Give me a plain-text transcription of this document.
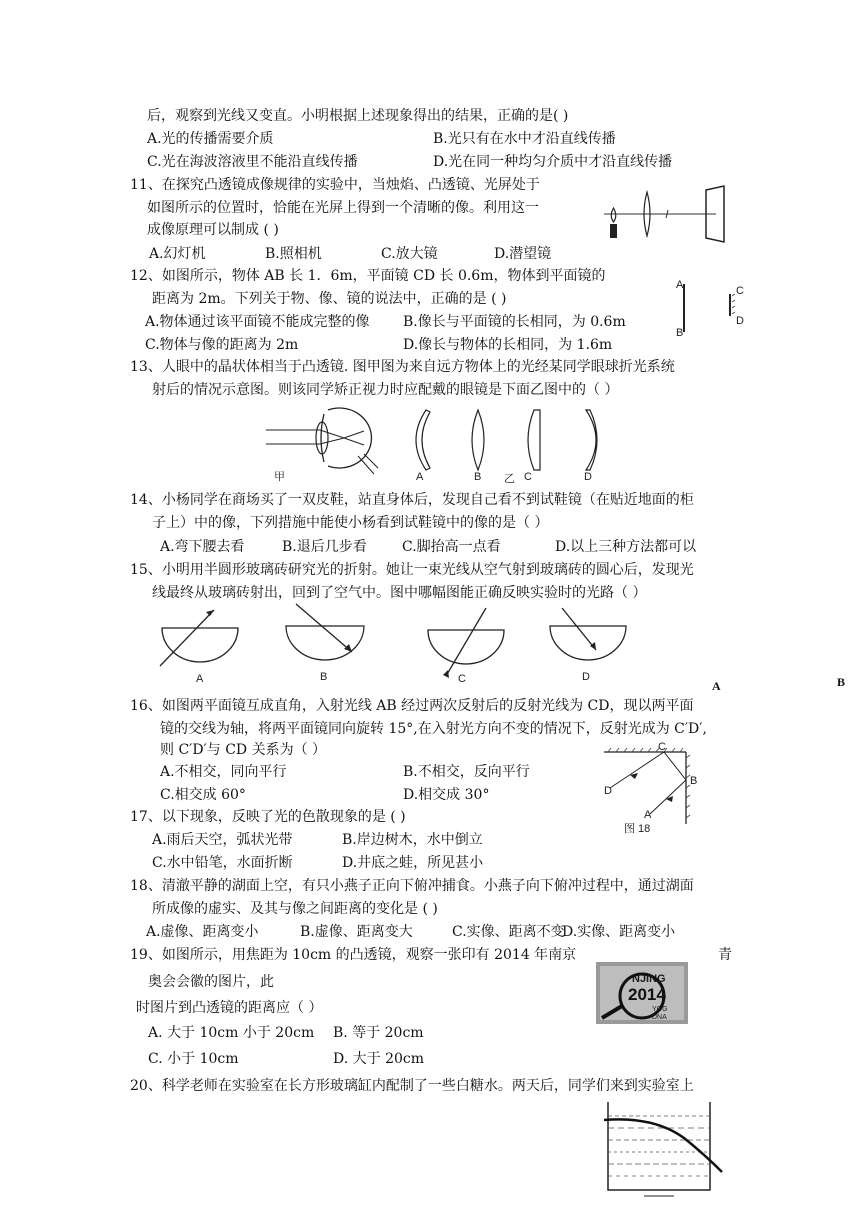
后，观察到光线又变直。小明根据上述现象得出的结果，正确的是( )
A.光的传播需要介质	B.光只有在水中才沿直线传播
C.光在海波溶液里不能沿直线传播	D.光在同一种均匀介质中才沿直线传播
11、在探究凸透镜成像规律的实验中，当烛焰、凸透镜、光屏处于
如图所示的位置时，恰能在光屏上得到一个清晰的像。利用这一
成像原理可以制成 ( )
A.幻灯机	B.照相机	C.放大镜	D.潜望镜
12、如图所示，物体 AB 长 1．6m，平面镜 CD 长 0.6m，物体到平面镜的
距离为 2m。下列关于物、像、镜的说法中，正确的是 ( )
A.物体通过该平面镜不能成完整的像 B.像长与平面镜的长相同，为 0.6m
C.物体与像的距离为 2m	D.像长与物体的长相同，为 1.6m
A
B
C
D
13、人眼中的晶状体相当于凸透镜. 图甲图为来自远方物体上的光经某同学眼球折光系统
射后的情况示意图。则该同学矫正视力时应配戴的眼镜是下面乙图中的（ ）
甲	A	B 乙 C	D
14、小杨同学在商场买了一双皮鞋，站直身体后，发现自己看不到试鞋镜（在贴近地面的柜
子上）中的像，下列措施中能使小杨看到试鞋镜中的像的是（ ）
A.弯下腰去看	B.退后几步看	C.脚抬高一点看	D.以上三种方法都可以
15、小明用半圆形玻璃砖研究光的折射。她让一束光线从空气射到玻璃砖的圆心后，发现光
线最终从玻璃砖射出，回到了空气中。图中哪幅图能正确反映实验时的光路（ ）
A	B	C	D
A	B
16、如图两平面镜互成直角，入射光线 AB 经过两次反射后的反射光线为 CD，现以两平面
镜的交线为轴，将两平面镜同向旋转 15°,在入射光方向不变的情况下，反射光成为 C′D′,
则 C′D′与 CD 关系为（ ）
A.不相交，同向平行	B.不相交，反向平行
C.相交成 60°	D.相交成 30°
C
B
D
A
图 18
17、以下现象，反映了光的色散现象的是 ( )
A.雨后天空，弧状光带	B.岸边树木，水中倒立
C.水中铅笔，水面折断	D.井底之蛙，所见甚小
18、清澈平静的湖面上空，有只小燕子正向下俯冲捕食。小燕子向下俯冲过程中，通过湖面
所成像的虚实、及其与像之间距离的变化是 ( )
A.虚像、距离变小	B.虚像、距离变大	C.实像、距离不变
D.实像、距离变小
19、如图所示，用焦距为 10cm 的凸透镜，观察一张印有 2014 年南京	青
奥会会徽的图片，此
时图片到凸透镜的距离应（ ）
A. 大于 10cm 小于 20cm B. 等于 20cm
C. 小于 10cm	D. 大于 20cm
NJING
2014
YOG
DNA
20、科学老师在实验室在长方形玻璃缸内配制了一些白糖水。两天后，同学们来到实验室上
